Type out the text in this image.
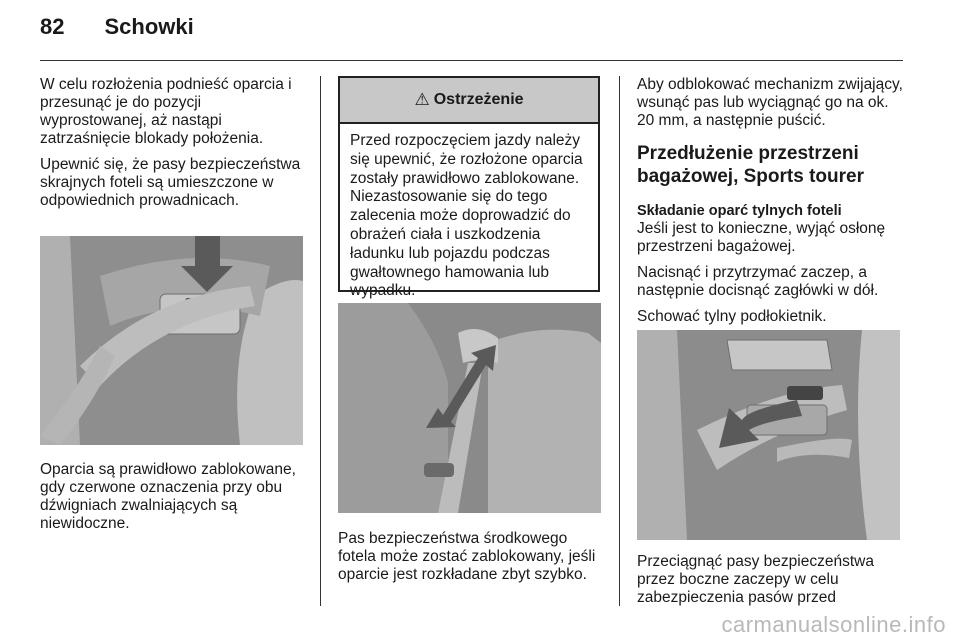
82 Schowki

W celu rozłożenia podnieść oparcia i przesunąć je do pozycji wyprostowanej, aż nastąpi zatrzaśnięcie blokady położenia.

Upewnić się, że pasy bezpieczeństwa skrajnych foteli są umieszczone w odpowiednich prowadnicach.

Oparcia są prawidłowo zablokowane, gdy czerwone oznaczenia przy obu dźwigniach zwalniających są niewidoczne.
⚠ Ostrzeżenie
Przed rozpoczęciem jazdy należy się upewnić, że rozłożone oparcia zostały prawidłowo zablokowane. Niezastosowanie się do tego zalecenia może doprowadzić do obrażeń ciała i uszkodzenia ładunku lub pojazdu podczas gwałtownego hamowania lub wypadku.
Pas bezpieczeństwa środkowego fotela może zostać zablokowany, jeśli oparcie jest rozkładane zbyt szybko.

Aby odblokować mechanizm zwijający, wsunąć pas lub wyciągnąć go na ok. 20 mm, a następnie puścić.

Przedłużenie przestrzeni bagażowej, Sports tourer
Składanie oparć tylnych foteli

Jeśli jest to konieczne, wyjąć osłonę przestrzeni bagażowej.

Nacisnąć i przytrzymać zaczep, a następnie docisnąć zagłówki w dół.

Schować tylny podłokietnik.

Przeciągnąć pasy bezpieczeństwa przez boczne zaczepy w celu zabezpieczenia pasów przed
carmanualsonline.info
